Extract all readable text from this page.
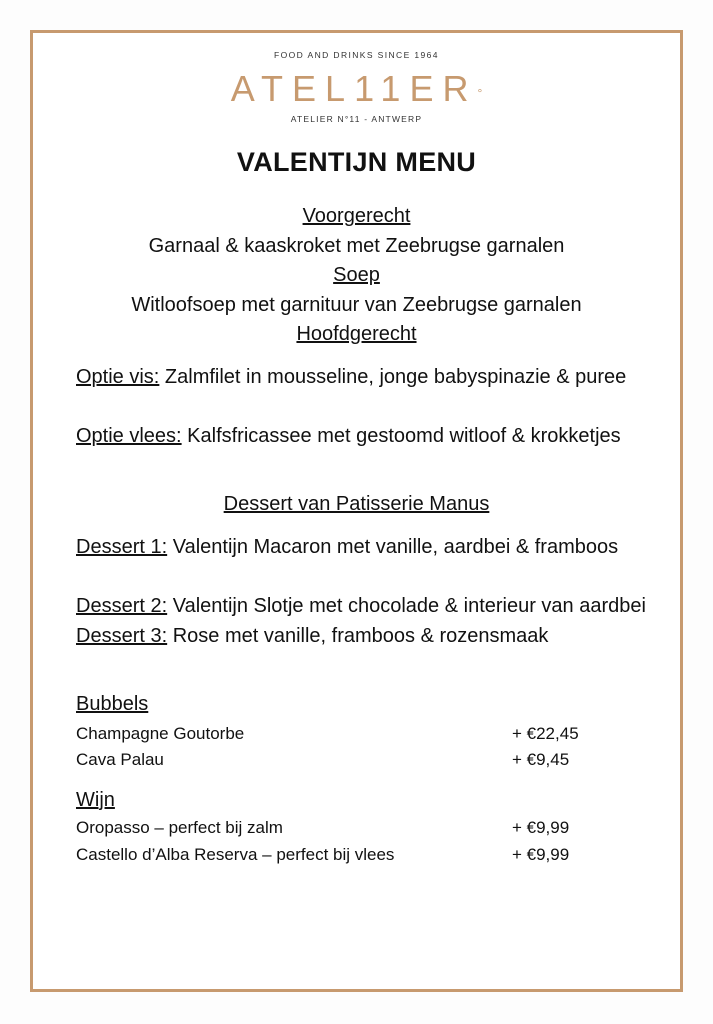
FOOD AND DRINKS SINCE 1964
ATEL11ER°
ATELIER N°11 - ANTWERP
VALENTIJN MENU
Voorgerecht
Garnaal & kaaskroket met Zeebrugse garnalen
Soep
Witloofsoep met garnituur van Zeebrugse garnalen
Hoofdgerecht
Optie vis: Zalmfilet in mousseline, jonge babyspinazie & puree
Optie vlees: Kalfsfricassee met gestoomd witloof & krokketjes
Dessert van Patisserie Manus
Dessert 1: Valentijn Macaron met vanille, aardbei & framboos
Dessert 2: Valentijn Slotje met chocolade & interieur van aardbei Dessert 3: Rose met vanille, framboos & rozensmaak
Bubbels
Champagne Goutorbe	+ €22,45
Cava Palau	+ €9,45
Wijn
Oropasso – perfect bij zalm	+ €9,99
Castello d’Alba Reserva – perfect bij vlees	+ €9,99
